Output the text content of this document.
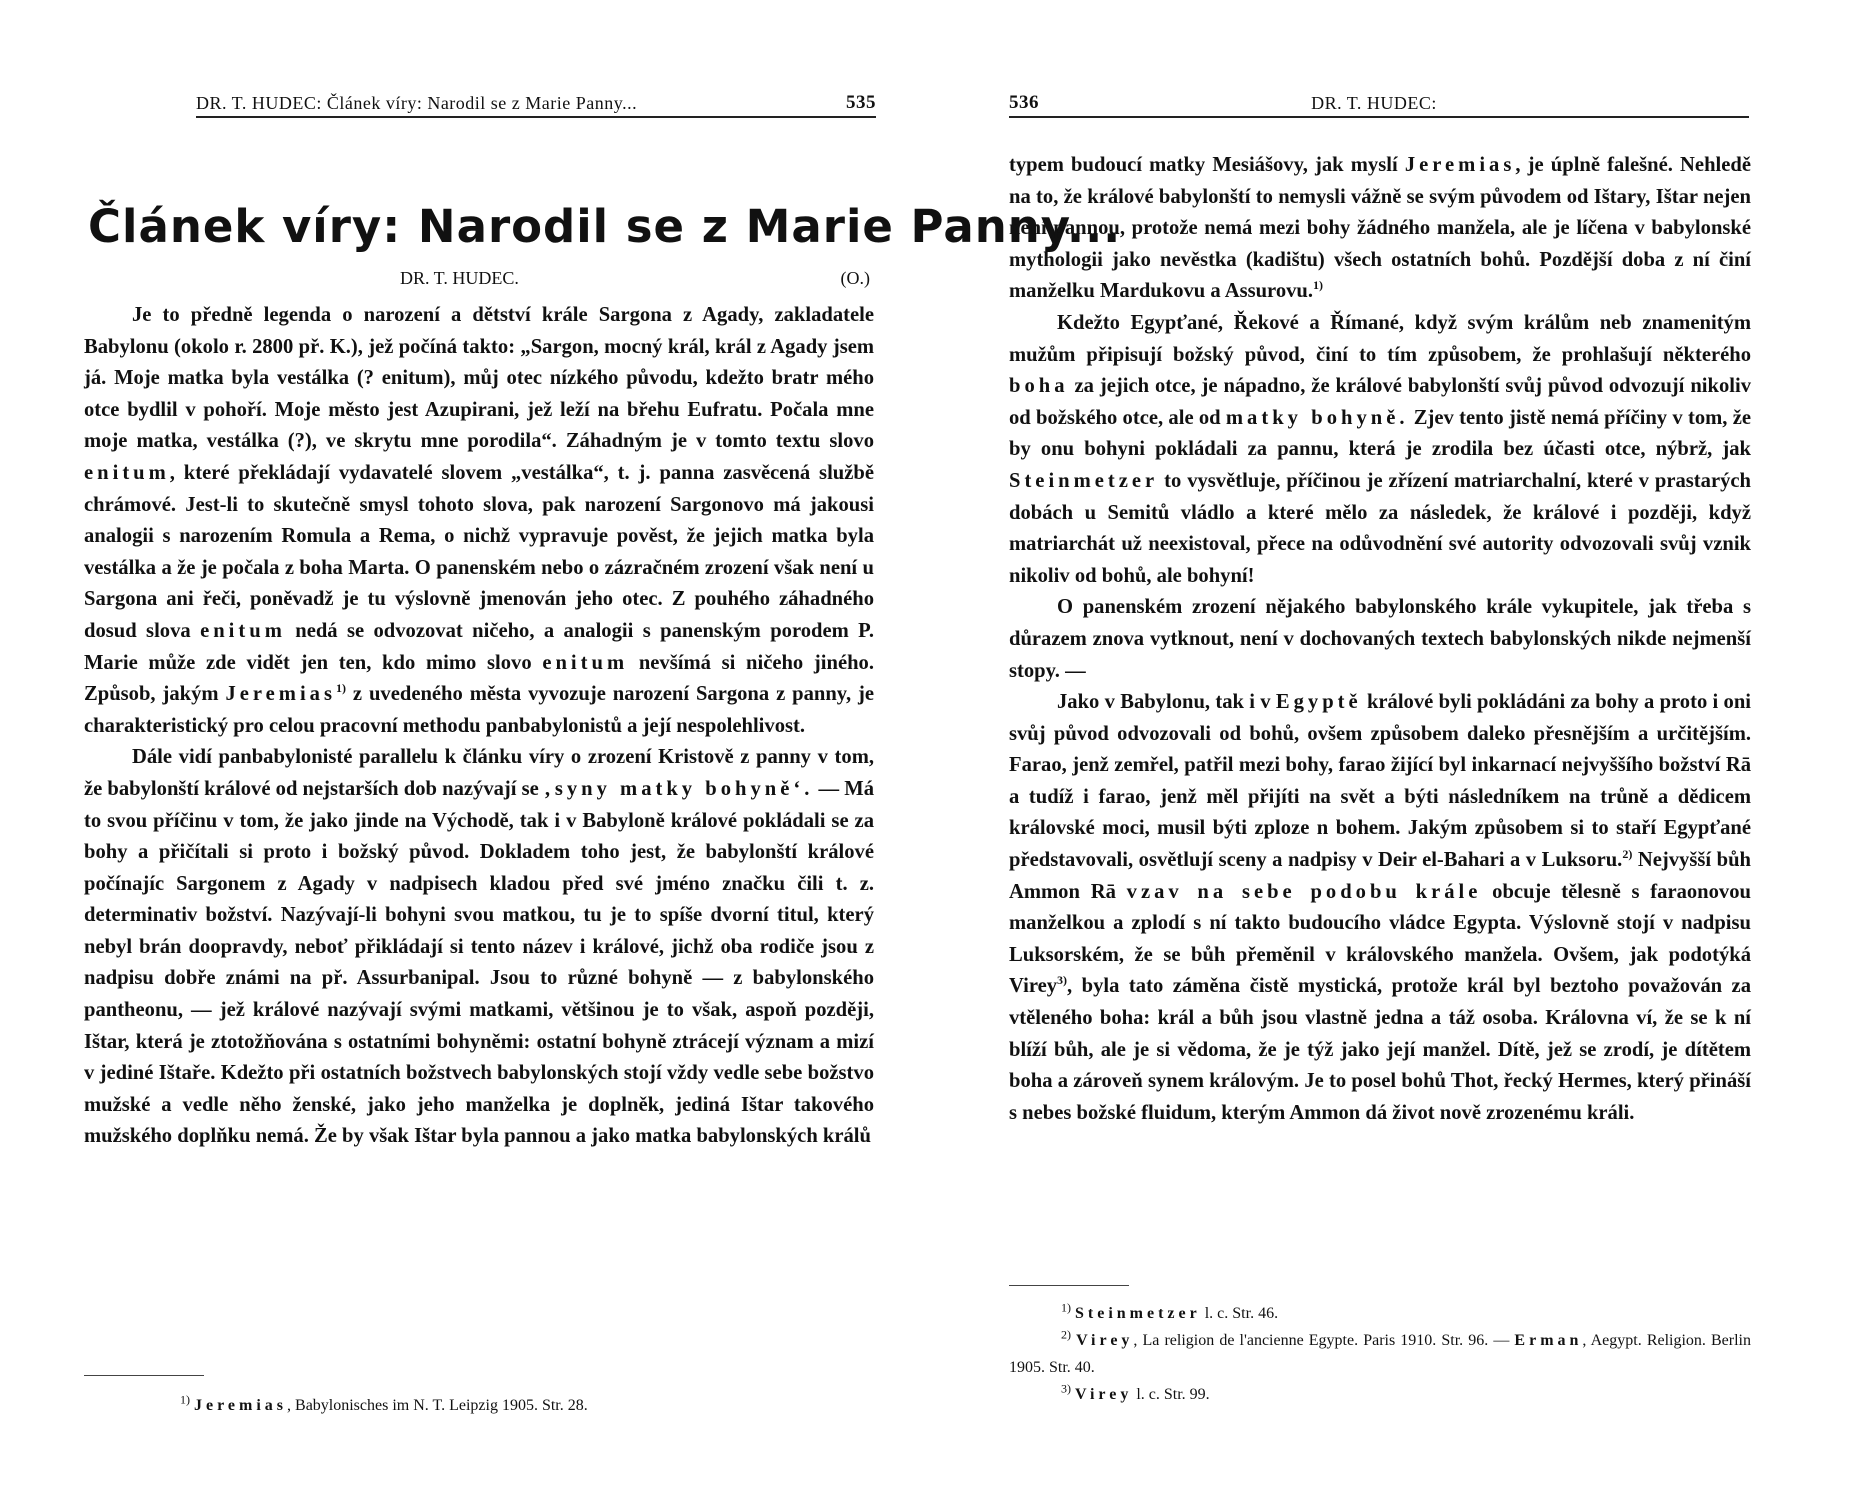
DR. T. HUDEC: Článek víry: Narodil se z Marie Panny...	535
Článek víry: Narodil se z Marie Panny...
DR. T. HUDEC.	(O.)

Je to předně legenda o narození a dětství krále Sargona z Agady, zakladatele Babylonu (okolo r. 2800 př. K.), jež počíná takto: „Sargon, mocný král, král z Agady jsem já. Moje matka byla vestálka (? enitum), můj otec nízkého původu, kdežto bratr mého otce bydlil v pohoří. Moje město jest Azupirani, jež leží na břehu Eufratu. Počala mne moje matka, vestálka (?), ve skrytu mne porodila“. Záhadným je v tomto textu slovo enitum, které překládají vydavatelé slovem „vestálka“, t. j. panna zasvěcená službě chrámové. Jest-li to skutečně smysl tohoto slova, pak narození Sargonovo má jakousi analogii s narozením Romula a Rema, o nichž vypravuje pověst, že jejich matka byla vestálka a že je počala z boha Marta. O panenském nebo o zázračném zrození však není u Sargona ani řeči, poněvadž je tu výslovně jmenován jeho otec. Z pouhého záhadného dosud slova enitum nedá se odvozovat ničeho, a analogii s panenským porodem P. Marie může zde vidět jen ten, kdo mimo slovo enitum nevšímá si ničeho jiného. Způsob, jakým Jeremias$^{1)}$ z uvedeného města vyvozuje narození Sargona z panny, je charakteristický pro celou pracovní methodu panbabylonistů a její nespolehlivost.

Dále vidí panbabylonisté parallelu k článku víry o zrození Kristově z panny v tom, že babylonští králové od nejstarších dob nazývají se ‚syny matky bohyně‘. — Má to svou příčinu v tom, že jako jinde na Východě, tak i v Babyloně králové pokládali se za bohy a přičítali si proto i božský původ. Dokladem toho jest, že babylonští králové počínajíc Sargonem z Agady v nadpisech kladou před své jméno značku čili t. z. determinativ božství. Nazývají-li bohyni svou matkou, tu je to spíše dvorní titul, který nebyl brán doopravdy, neboť přikládají si tento název i králové, jichž oba rodiče jsou z nadpisu dobře známi na př. Assurbanipal. Jsou to různé bohyně — z babylonského pantheonu, — jež králové nazývají svými matkami, většinou je to však, aspoň později, Ištar, která je ztotožňována s ostatními bohyněmi: ostatní bohyně ztrácejí význam a mizí v jediné Ištaře. Kdežto při ostatních božstvech babylonských stojí vždy vedle sebe božstvo mužské a vedle něho ženské, jako jeho manželka je doplněk, jediná Ištar takového mužského doplňku nemá. Že by však Ištar byla pannou a jako matka babylonských králů

$^{1)}$ Jeremias, Babylonisches im N. T. Leipzig 1905. Str. 28.

536	DR. T. HUDEC:

typem budoucí matky Mesiášovy, jak myslí Jeremias, je úplně falešné. Nehledě na to, že králové babylonští to nemysli vážně se svým původem od Ištary, Ištar nejen není pannou, protože nemá mezi bohy žádného manžela, ale je líčena v babylonské mythologii jako nevěstka (kadištu) všech ostatních bohů. Pozdější doba z ní činí manželku Mardukovu a Assurovu.$^{1)}$

Kdežto Egypťané, Řekové a Římané, když svým králům neb znamenitým mužům připisují božský původ, činí to tím způsobem, že prohlašují některého boha za jejich otce, je nápadno, že králové babylonští svůj původ odvozují nikoliv od božského otce, ale od matky bohyně. Zjev tento jistě nemá příčiny v tom, že by onu bohyni pokládali za pannu, která je zrodila bez účasti otce, nýbrž, jak Steinmetzer to vysvětluje, příčinou je zřízení matriarchalní, které v prastarých dobách u Semitů vládlo a které mělo za následek, že králové i později, když matriarchát už neexistoval, přece na odůvodnění své autority odvozovali svůj vznik nikoliv od bohů, ale bohyní!

O panenském zrození nějakého babylonského krále vykupitele, jak třeba s důrazem znova vytknout, není v dochovaných textech babylonských nikde nejmenší stopy. —

Jako v Babylonu, tak i v Egyptě králové byli pokládáni za bohy a proto i oni svůj původ odvozovali od bohů, ovšem způsobem daleko přesnějším a určitějším. Farao, jenž zemřel, patřil mezi bohy, farao žijící byl inkarnací nejvyššího božství Rā a tudíž i farao, jenž měl přijíti na svět a býti následníkem na trůně a dědicem královské moci, musil býti zploze n bohem. Jakým způsobem si to staří Egypťané představovali, osvětlují sceny a nadpisy v Deir el-Bahari a v Luksoru.$^{2)}$ Nejvyšší bůh Ammon Rā vzav na sebe podobu krále obcuje tělesně s faraonovou manželkou a zplodí s ní takto budoucího vládce Egypta. Výslovně stojí v nadpisu Luksorském, že se bůh přeměnil v královského manžela. Ovšem, jak podotýká Virey$^{3)}$, byla tato záměna čistě mystická, protože král byl beztoho považován za vtěleného boha: král a bůh jsou vlastně jedna a táž osoba. Královna ví, že se k ní blíží bůh, ale je si vědoma, že je týž jako její manžel. Dítě, jež se zrodí, je dítětem boha a zároveň synem královým. Je to posel bohů Thot, řecký Hermes, který přináší s nebes božské fluidum, kterým Ammon dá život nově zrozenému králi.

$^{1)}$ Steinmetzer l. c. Str. 46.

$^{2)}$ Virey, La religion de l'ancienne Egypte. Paris 1910. Str. 96. — Erman, Aegypt. Religion. Berlin 1905. Str. 40.

$^{3)}$ Virey l. c. Str. 99.
